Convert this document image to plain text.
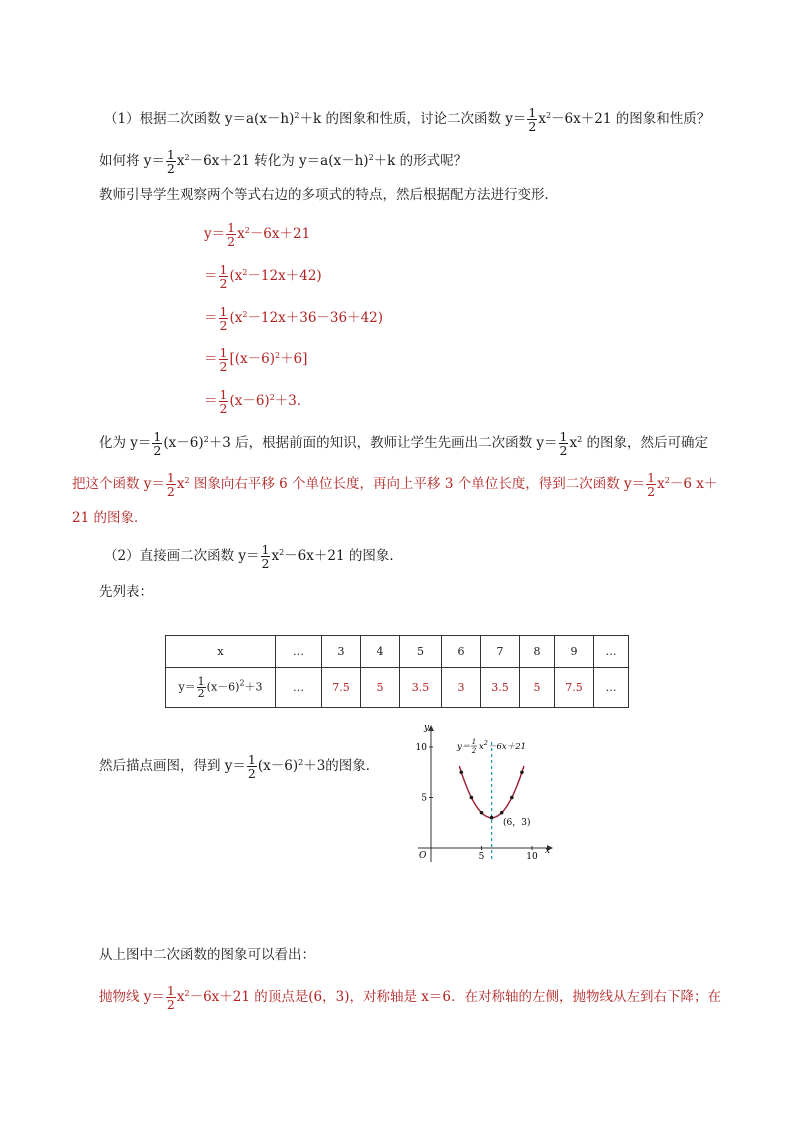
（1）根据二次函数 $y=a(x-h)^2+k$ 的图象和性质，讨论二次函数 $y= \frac{1}{2} x^2-6x+21$ 的图象和性质？
如何将 $y= \frac{1}{2} x^2-6x+21$ 转化为 $y=a(x-h)^2+k$ 的形式呢？
教师引导学生观察两个等式右边的多项式的特点，然后根据配方法进行变形．
$y= \frac{1}{2} x^2-6x+21$
＝ $\frac{1}{2} (x^2-12x+42)$
＝ $\frac{1}{2} (x^2-12x+36-36+42)$
＝ $\frac{1}{2} [(x-6)^2+6]$
＝ $\frac{1}{2} (x-6)^2+3$．
化为 $y= \frac{1}{2} (x-6)^2+3$ 后，根据前面的知识，教师让学生先画出二次函数 $y= \frac{1}{2} x^2$ 的图象，然后可确定
把这个函数 $y= \frac{1}{2} x^2$ 图象向右平移 6 个单位长度，再向上平移 3 个单位长度，得到二次函数 $y= \frac{1}{2} x^2-6$ x＋
21 的图象．
（2）直接画二次函数 $y= \frac{1}{2} x^2-6x+21$ 的图象．
先列表：
x	…	3	4	5	6	7	8	9	…
$y= \frac{1}{2} (x-6)^2+3$	…	7.5	5	3.5	3	3.5	5	7.5	…
然后描点画图，得到 $y= \frac{1}{2} (x-6)^2+3$的图象．
10
5
5	10
x
y
O
(6，3)
y＝ 1
2 x 2 －6x＋21
从上图中二次函数的图象可以看出：
抛物线 $y= \frac{1}{2} x^2-6x+21$ 的顶点是(6，3)，对称轴是 x＝6．在对称轴的左侧，抛物线从左到右下降；在
